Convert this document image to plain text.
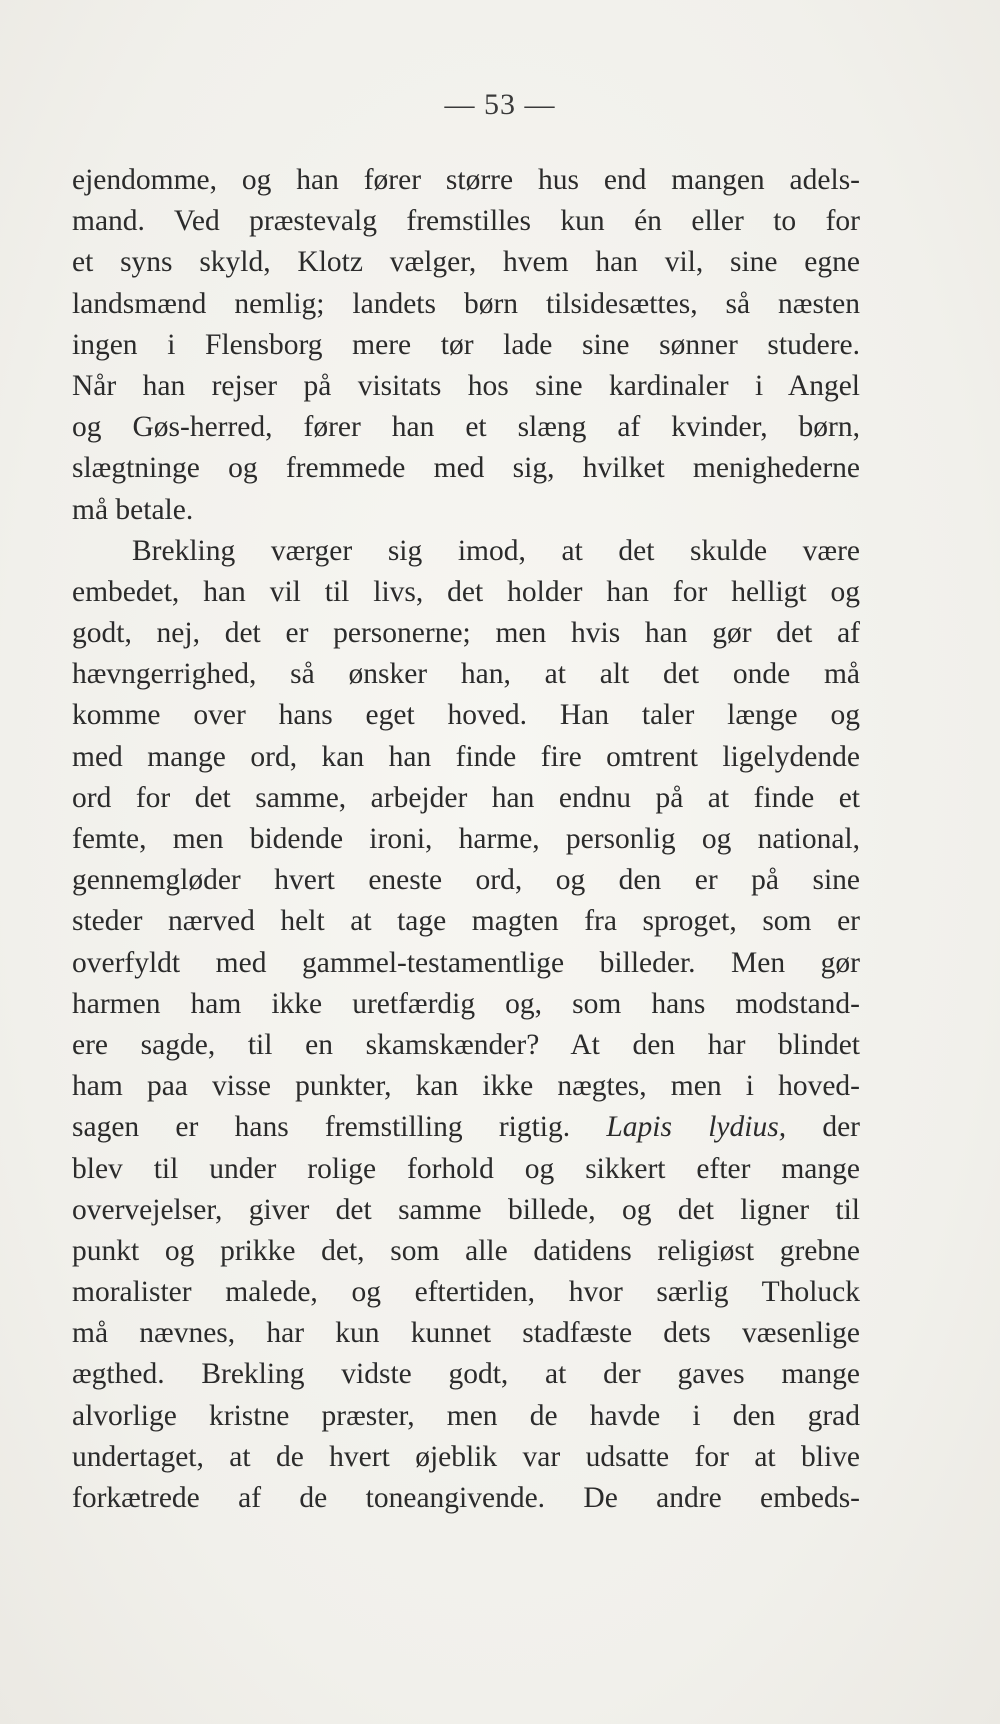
— 53 —
ejendomme, og han fører større hus end mangen adels-
mand. Ved præstevalg fremstilles kun én eller to for
et syns skyld, Klotz vælger, hvem han vil, sine egne
landsmænd nemlig; landets børn tilsidesættes, så næsten
ingen i Flensborg mere tør lade sine sønner studere.
Når han rejser på visitats hos sine kardinaler i Angel
og Gøs-herred, fører han et slæng af kvinder, børn,
slægtninge og fremmede med sig, hvilket menighederne
må betale.
Brekling værger sig imod, at det skulde være
embedet, han vil til livs, det holder han for helligt og
godt, nej, det er personerne; men hvis han gør det af
hævngerrighed, så ønsker han, at alt det onde må
komme over hans eget hoved. Han taler længe og
med mange ord, kan han finde fire omtrent ligelydende
ord for det samme, arbejder han endnu på at finde et
femte, men bidende ironi, harme, personlig og national,
gennemgløder hvert eneste ord, og den er på sine
steder nærved helt at tage magten fra sproget, som er
overfyldt med gammel-testamentlige billeder. Men gør
harmen ham ikke uretfærdig og, som hans modstand-
ere sagde, til en skamskænder? At den har blindet
ham paa visse punkter, kan ikke nægtes, men i hoved-
sagen er hans fremstilling rigtig. Lapis lydius, der
blev til under rolige forhold og sikkert efter mange
overvejelser, giver det samme billede, og det ligner til
punkt og prikke det, som alle datidens religiøst grebne
moralister malede, og eftertiden, hvor særlig Tholuck
må nævnes, har kun kunnet stadfæste dets væsenlige
ægthed. Brekling vidste godt, at der gaves mange
alvorlige kristne præster, men de havde i den grad
undertaget, at de hvert øjeblik var udsatte for at blive
forkætrede af de toneangivende. De andre embeds-
